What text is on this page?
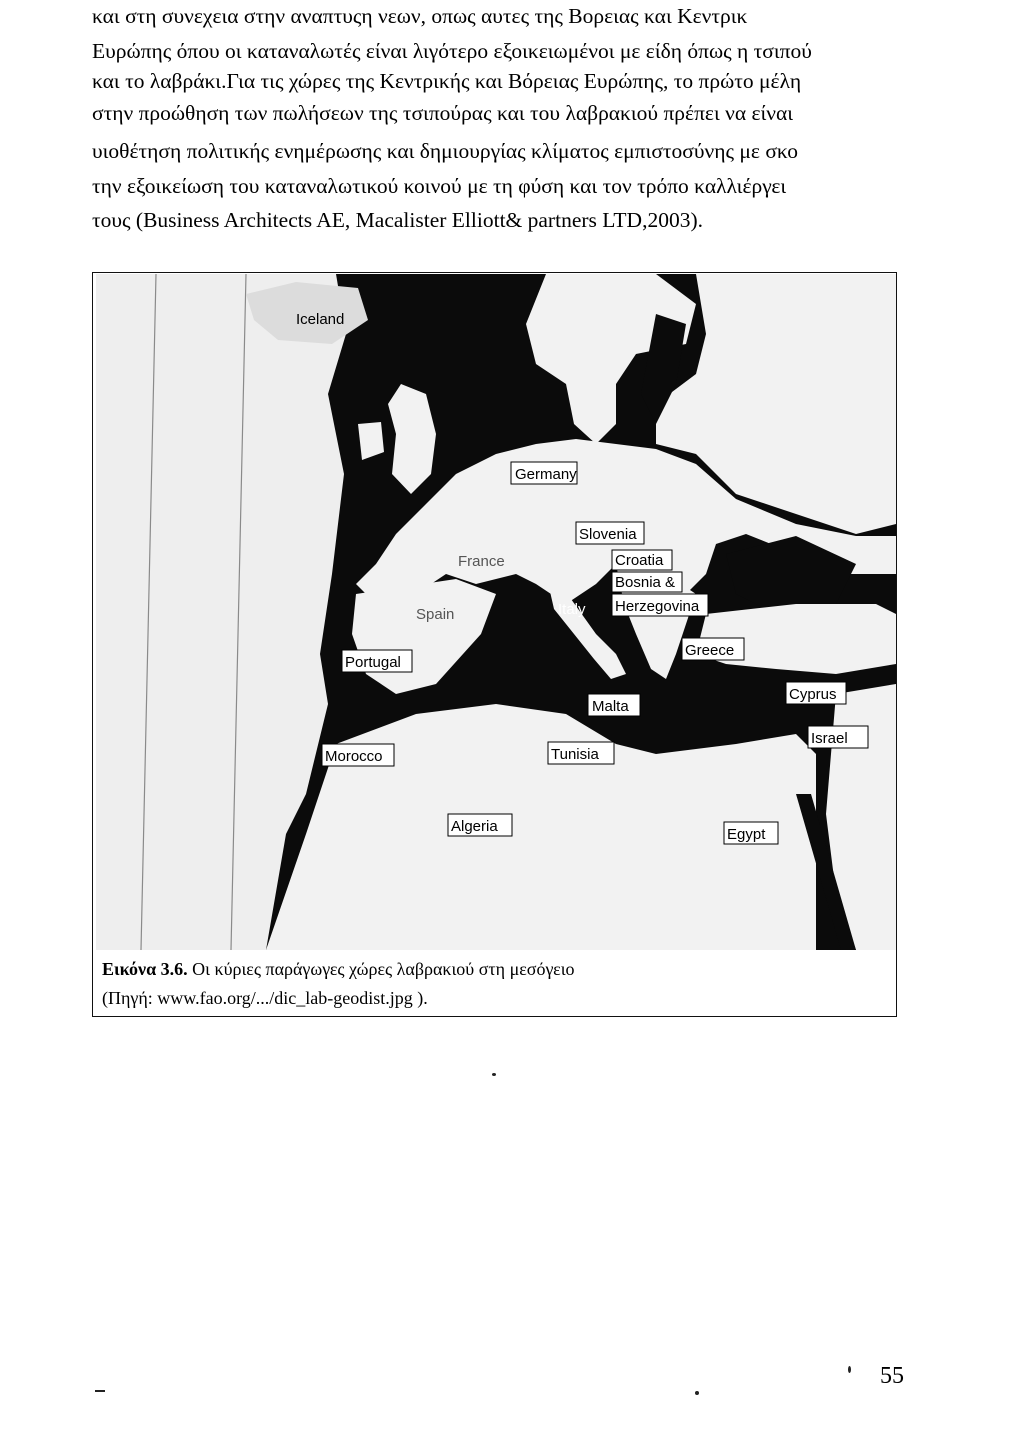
και στη συνεχεια στην αναπτυςη νεων, οπως αυτες της Βορειας και Κεντρικ
Ευρώπης όπου οι καταναλωτές είναι λιγότερο εξοικειωμένοι με είδη όπως η τσιπού
και το λαβράκι.Για τις χώρες της Κεντρικής και Βόρειας Ευρώπης, το πρώτο μέλη
στην προώθηση των πωλήσεων της τσιπούρας και του λαβρακιού πρέπει να είναι
υιοθέτηση πολιτικής ενημέρωσης και δημιουργίας κλίματος εμπιστοσύνης με σκο
την εξοικείωση του καταναλωτικού κοινού με τη φύση και τον τρόπο καλλιέργει
τους (Business Architects AE, Macalister Elliott& partners LTD,2003).
Iceland
Germany
France
Slovenia
Croatia
Bosnia &
Herzegovina
Spain	Italy
Portugal
Greece
Cyprus
Malta
Morocco	Tunisia
Israel
Algeria	Egypt
Εικόνα 3.6. Οι κύριες παράγωγες χώρες λαβρακιού στη μεσόγειο
(Πηγή: www.fao.org/.../dic_lab-geodist.jpg ).
55
